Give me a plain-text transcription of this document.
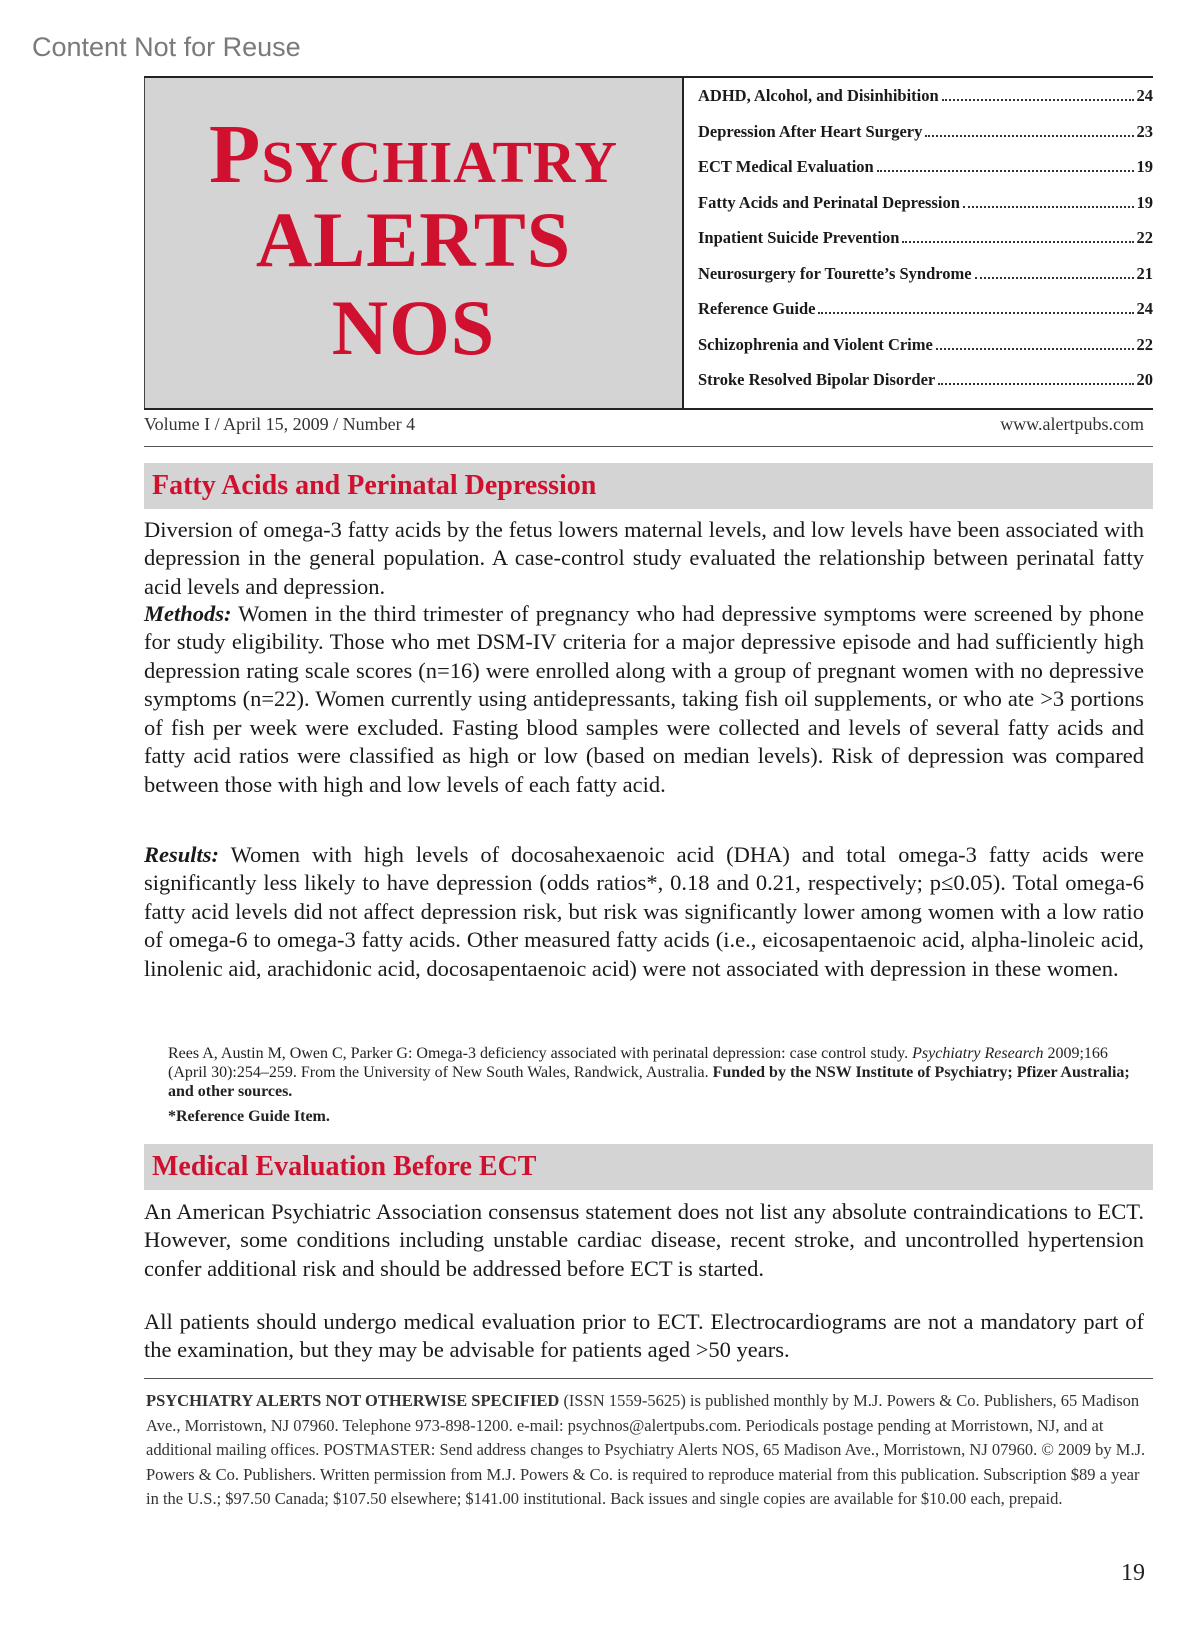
Content Not for Reuse
Psychiatry
ALERTS
NOS
ADHD, Alcohol, and Disinhibition	24
Depression After Heart Surgery	23
ECT Medical Evaluation	19
Fatty Acids and Perinatal Depression	19
Inpatient Suicide Prevention	22
Neurosurgery for Tourette’s Syndrome	21
Reference Guide	24
Schizophrenia and Violent Crime	22
Stroke Resolved Bipolar Disorder	20
Volume I / April 15, 2009 / Number 4	www.alertpubs.com
Fatty Acids and Perinatal Depression

Diversion of omega-3 fatty acids by the fetus lowers maternal levels, and low levels have been associated with depression in the general population. A case-control study evaluated the relationship between perinatal fatty acid levels and depression.

Methods: Women in the third trimester of pregnancy who had depressive symptoms were screened by phone for study eligibility. Those who met DSM-IV criteria for a major depressive episode and had sufficiently high depression rating scale scores (n=16) were enrolled along with a group of pregnant women with no depressive symptoms (n=22). Women currently using antidepressants, taking fish oil supplements, or who ate >3 portions of fish per week were excluded. Fasting blood samples were collected and levels of several fatty acids and fatty acid ratios were classified as high or low (based on median levels). Risk of depression was compared between those with high and low levels of each fatty acid.

Results: Women with high levels of docosahexaenoic acid (DHA) and total omega-3 fatty acids were significantly less likely to have depression (odds ratios*, 0.18 and 0.21, respectively; p≤0.05). Total omega-6 fatty acid levels did not affect depression risk, but risk was significantly lower among women with a low ratio of omega-6 to omega-3 fatty acids. Other measured fatty acids (i.e., eicosapentaenoic acid, alpha-linoleic acid, linolenic aid, arachidonic acid, docosapentaenoic acid) were not associated with depression in these women.

Rees A, Austin M, Owen C, Parker G: Omega-3 deficiency associated with perinatal depression: case control study. Psychiatry Research 2009;166 (April 30):254–259. From the University of New South Wales, Randwick, Australia. Funded by the NSW Institute of Psychiatry; Pfizer Australia; and other sources.
*Reference Guide Item.
Medical Evaluation Before ECT

An American Psychiatric Association consensus statement does not list any absolute contraindications to ECT. However, some conditions including unstable cardiac disease, recent stroke, and uncontrolled hypertension confer additional risk and should be addressed before ECT is started.

All patients should undergo medical evaluation prior to ECT. Electrocardiograms are not a mandatory part of the examination, but they may be advisable for patients aged >50 years.

PSYCHIATRY ALERTS NOT OTHERWISE SPECIFIED (ISSN 1559-5625) is published monthly by M.J. Powers & Co. Publishers, 65 Madison Ave., Morristown, NJ 07960. Telephone 973-898-1200. e-mail: psychnos@alertpubs.com. Periodicals postage pending at Morristown, NJ, and at additional mailing offices. POSTMASTER: Send address changes to Psychiatry Alerts NOS, 65 Madison Ave., Morristown, NJ 07960. © 2009 by M.J. Powers & Co. Publishers. Written permission from M.J. Powers & Co. is required to reproduce material from this publication. Subscription $89 a year in the U.S.; $97.50 Canada; $107.50 elsewhere; $141.00 institutional. Back issues and single copies are available for $10.00 each, prepaid.
19
